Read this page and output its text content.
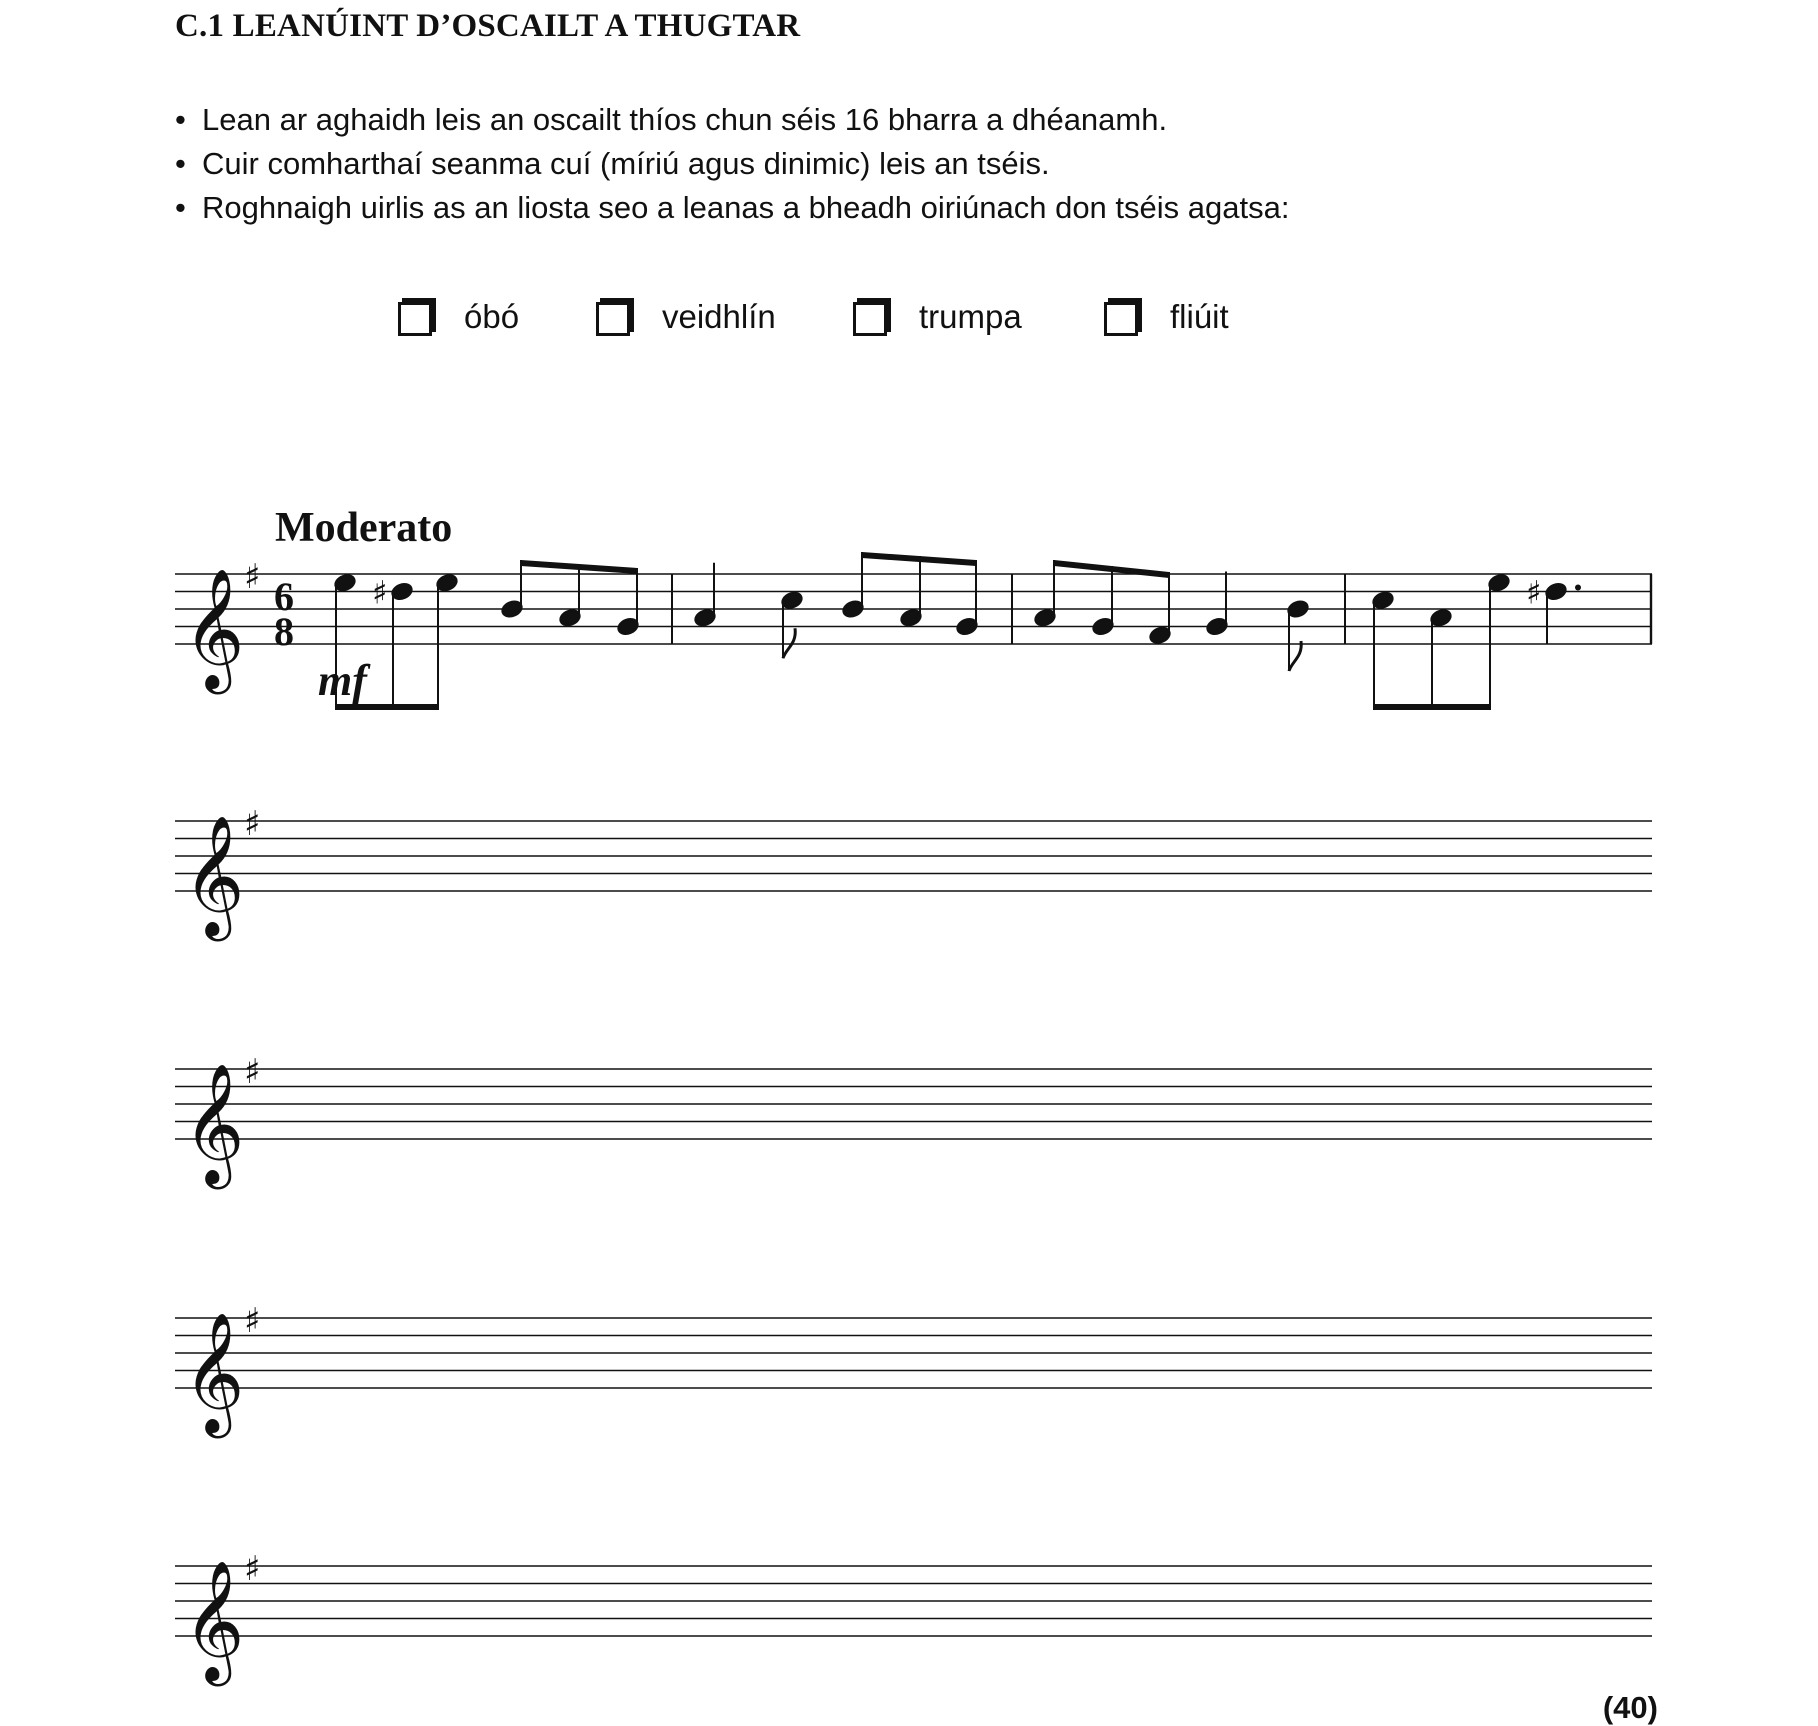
C.1 LEANÚINT D’OSCAILT A THUGTAR
• Lean ar aghaidh leis an oscailt thíos chun séis 16 bharra a dhéanamh.
• Cuir comharthaí seanma cuí (míriú agus dinimic) leis an tséis.
• Roghnaigh uirlis as an liosta seo a leanas a bheadh oiriúnach don tséis agatsa:
óbó	veidhlín	trumpa	fliúit
𝄞 ♯
𝄞 ♯
𝄞 ♯
𝄞 ♯
𝄞 ♯
6
8
♯	♯
Moderato
mf
(40)
